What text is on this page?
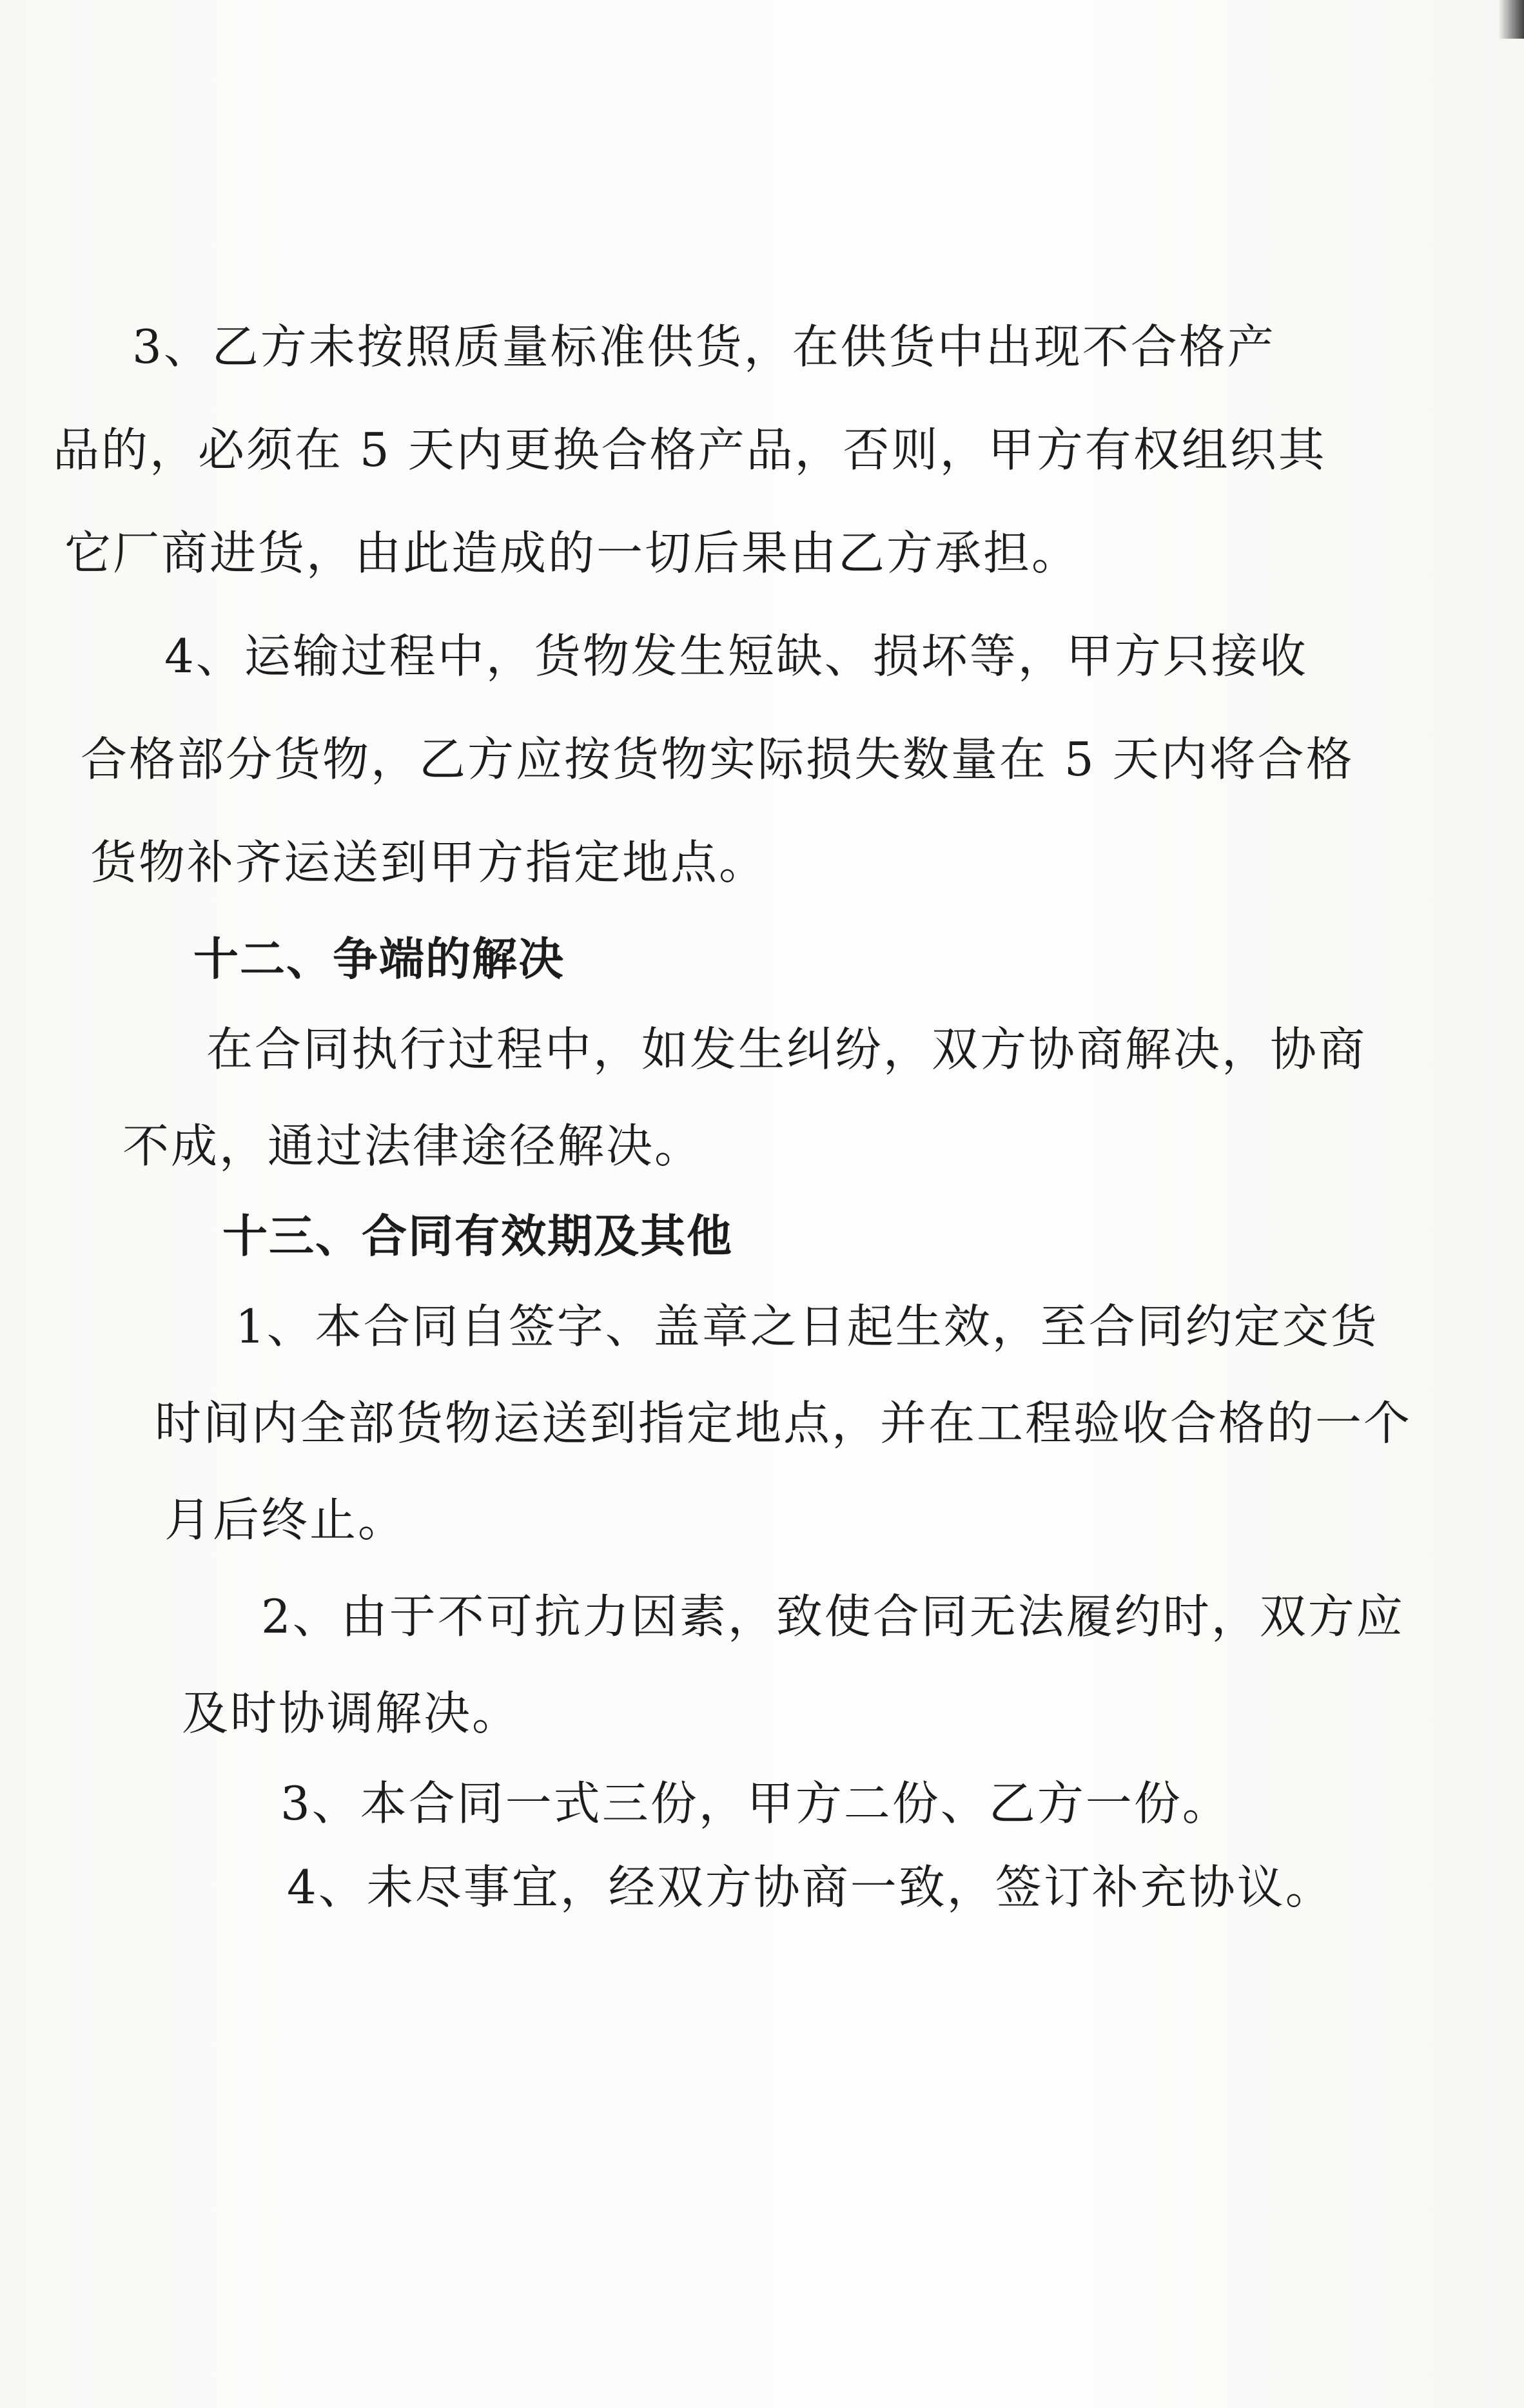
3、乙方未按照质量标准供货，在供货中出现不合格产
品的，必须在 5 天内更换合格产品，否则，甲方有权组织其
它厂商进货，由此造成的一切后果由乙方承担。
4、运输过程中，货物发生短缺、损坏等，甲方只接收
合格部分货物，乙方应按货物实际损失数量在 5 天内将合格
货物补齐运送到甲方指定地点。
十二、争端的解决
在合同执行过程中，如发生纠纷，双方协商解决，协商
不成，通过法律途径解决。
十三、合同有效期及其他
1、本合同自签字、盖章之日起生效，至合同约定交货
时间内全部货物运送到指定地点，并在工程验收合格的一个
月后终止。
2、由于不可抗力因素，致使合同无法履约时，双方应
及时协调解决。
3、本合同一式三份，甲方二份、乙方一份。
4、未尽事宜，经双方协商一致，签订补充协议。
